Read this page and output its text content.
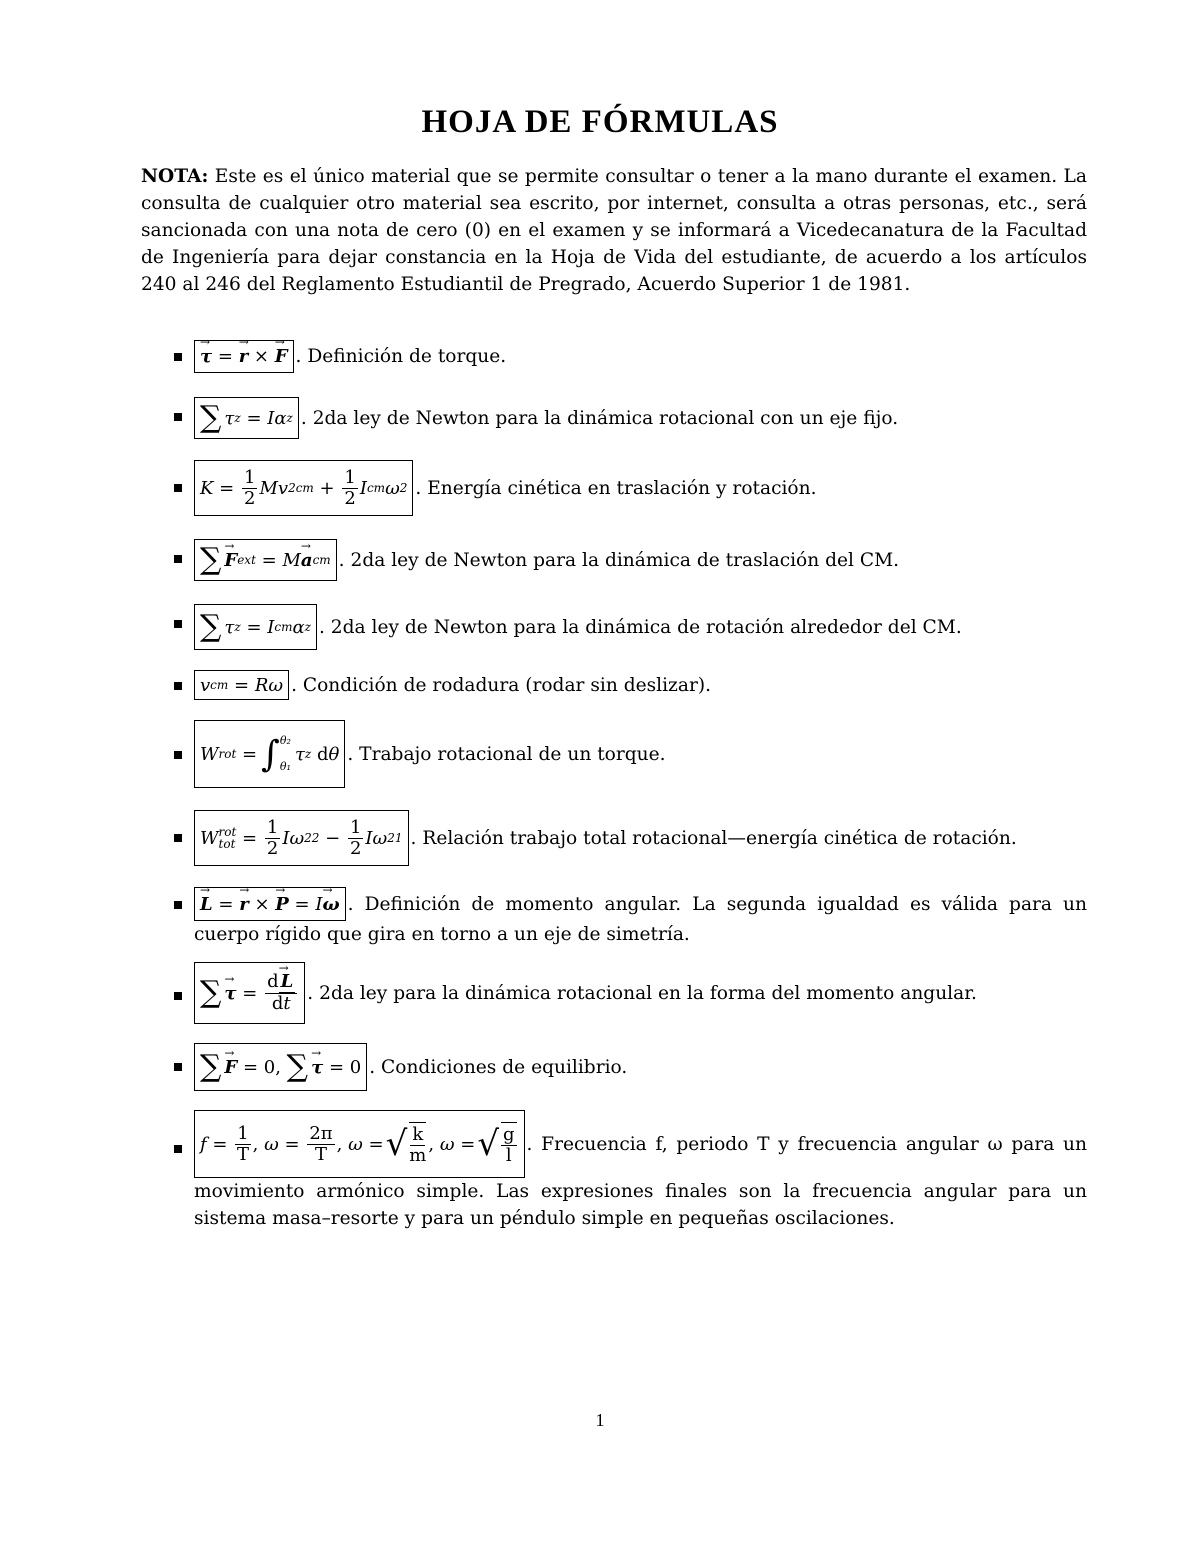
HOJA DE FÓRMULAS
NOTA: Este es el único material que se permite consultar o tener a la mano durante el examen. La consulta de cualquier otro material sea escrito, por internet, consulta a otras personas, etc., será sancionada con una nota de cero (0) en el examen y se informará a Vicedecanatura de la Facultad de Ingeniería para dejar constancia en la Hoja de Vida del estudiante, de acuerdo a los artículos 240 al 246 del Reglamento Estudiantil de Pregrado, Acuerdo Superior 1 de 1981.
→ τ
=
→ r
×
→ F . Definición de torque.
∑ τ z
= Iα z . 2da ley de Newton para la dinámica rotacional con un eje fijo.
K =
$\frac{1}{2}$ Mv 2 cm
+
$\frac{1}{2}$ I cm ω 2 . Energía cinética en traslación y rotación.
∑ → F ext
= M → a cm . 2da ley de Newton para la dinámica de traslación del CM.
∑ τ z
= I cm α z . 2da ley de Newton para la dinámica de rotación alrededor del CM.
v cm
= Rω . Condición de rodadura (rodar sin deslizar).
W rot
= ∫ θ₂
θ₁
τ z
d θ . Trabajo rotacional de un torque.
W rot
tot
=
$\frac{1}{2}$ Iω 2 2
−
$\frac{1}{2}$ Iω 2 1 . Relación trabajo total rotacional—energía cinética de rotación.
→ L
=
→ r
×
→ P
= I → ω . Definición de momento angular. La segunda igualdad es válida para un
cuerpo rígido que gira en torno a un eje de simetría.
∑ → τ
=
$\frac{d \to L}{dt}$ . 2da ley para la dinámica rotacional en la forma del momento angular.
∑ → F
= 0,
∑ → τ
= 0 . Condiciones de equilibrio.
f =
$\frac{1}{T}$ , ω =
$\frac{2\pi}{T}$ , ω = √ $\frac{k}{m}$ , ω = √ $\frac{g}{l}$ . Frecuencia f, periodo T y frecuencia angular ω para un
movimiento armónico simple. Las expresiones finales son la frecuencia angular para un sistema masa–resorte y para un péndulo simple en pequeñas oscilaciones.
1
